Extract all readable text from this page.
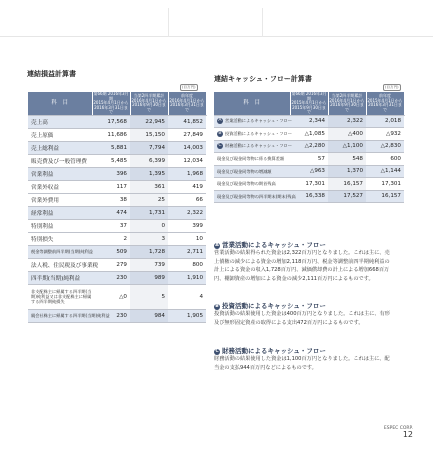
連結損益計算書
(百万円)
科　目	第66期 2016年3月期
2015年4月1日から
2016年3月31日まで	当第2四半期累計
2016年4月1日から
2016年9月30日まで	前年度
2016年4月1日から
2016年3月31日まで
売上高	17,568	22,945	41,852
売上原価	11,686	15,150	27,849
売上総利益	5,881	7,794	14,003
販売費及び一般管理費	5,485	6,399	12,034
営業利益	396	1,395	1,968
営業外収益	117	361	419
営業外費用	38	25	66
経常利益	474	1,731	2,322
特別利益	37	0	399
特別損失	2	3	10
税金等調整前四半期(当期)純利益	509	1,728	2,711
法人税、住民税及び事業税	279	739	800
四半期(当期)純利益	230	989	1,910
非支配株主に帰属する四半期(当期)純利益又は非支配株主に帰属する四半期純損失	△0	5	4
親会社株主に帰属する四半期(当期)純利益	230	984	1,905
連結キャッシュ・フロー計算書
(百万円)
科　目	第66期 2016年3月期
2015年4月1日から
2015年9月30日まで	当第2四半期累計
2016年4月1日から
2016年9月30日まで	前年度
2015年4月1日から
2016年3月31日まで
A 営業活動によるキャッシュ・フロー	2,344	2,322	2,018
B 投資活動によるキャッシュ・フロー	△1,085	△400	△932
C 財務活動によるキャッシュ・フロー	△2,280	△1,100	△2,830
現金及び現金同等物に係る換算差額	57	548	600
現金及び現金同等物の増減額	△963	1,370	△1,144
現金及び現金同等物の期首残高	17,301	16,157	17,301
現金及び現金同等物の四半期末(期末)残高	16,338	17,527	16,157
A 営業活動によるキャッシュ・フロー
営業活動の結果得られた資金は2,322百万円となりました。これは主に、売上債権の減少による資金の増加2,118百万円、税金等調整前四半期純利益の計上による資金の収入1,728百万円、減価償却費の計上による増加668百万円、棚卸資産の増加による資金の減少2,111百万円によるものです。
B 投資活動によるキャッシュ・フロー
投資活動の結果使用した資金は400百万円となりました。これは主に、有形及び無形固定資産の取得による支出472百万円によるものです。
C 財務活動によるキャッシュ・フロー
財務活動の結果使用した資金は1,100百万円となりました。これは主に、配当金の支払944百万円などによるものです。
ESPEC CORP.
12
